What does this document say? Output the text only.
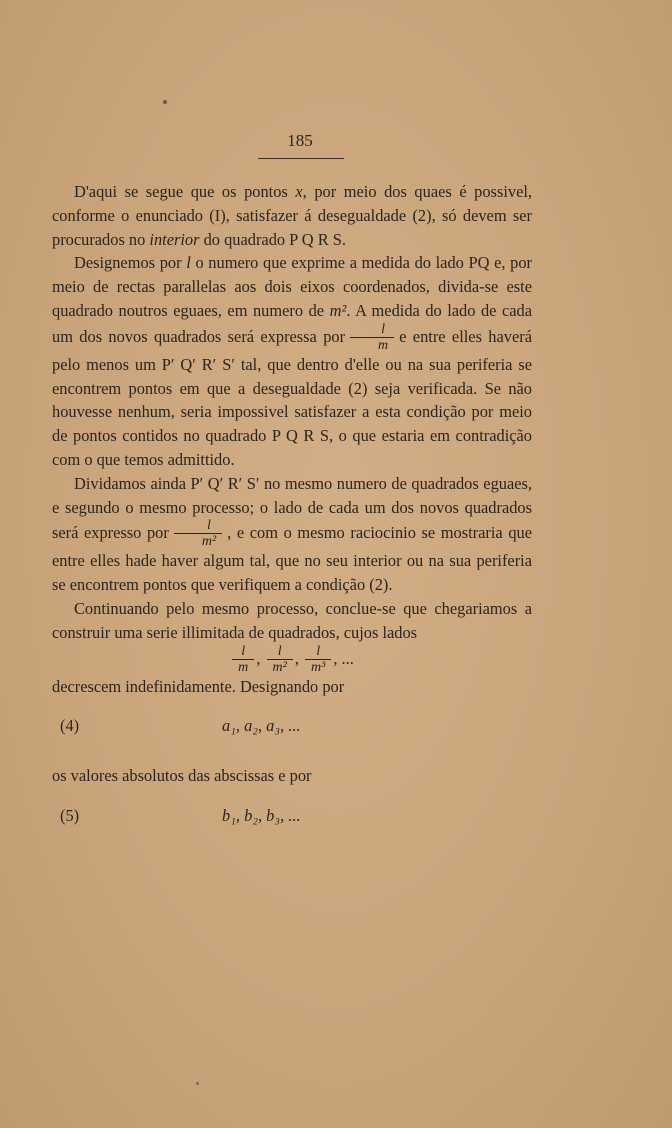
185

D'aqui se segue que os pontos x, por meio dos quaes é possivel, conforme o enunciado (I), satisfazer á desegualdade (2), só devem ser procurados no interior do quadrado P Q R S.

Designemos por l o numero que exprime a medida do lado PQ e, por meio de rectas parallelas aos dois eixos coordenados, divida-se este quadrado noutros eguaes, em numero de m². A medida do lado de cada um dos novos quadrados será expressa por $\frac{l}{m}$ e entre elles haverá pelo menos um P′ Q′ R′ S′ tal, que dentro d'elle ou na sua periferia se encontrem pontos em que a desegualdade (2) seja verificada. Se não houvesse nenhum, seria impossivel satisfazer a esta condição por meio de pontos contidos no quadrado P Q R S, o que estaria em contradição com o que temos admittido.

Dividamos ainda P′ Q′ R′ S′ no mesmo numero de quadrados eguaes, e segundo o mesmo processo; o lado de cada um dos novos quadrados será expresso por $\frac{l}{\text{m²}}$ , e com o mesmo raciocinio se mostraria que entre elles hade haver algum tal, que no seu interior ou na sua periferia se encontrem pontos que verifiquem a condição (2).

Continuando pelo mesmo processo, conclue-se que chegariamos a construir uma serie illimitada de quadrados, cujos lados

$\frac{l}{m}$ , $\frac{l}{\text{m²}}$ , $\frac{l}{\text{m³}}$ , ...

decrescem indefinidamente. Designando por

(4)	a₁, a₂, a₃, ...

os valores absolutos das abscissas e por

(5)	b₁, b₂, b₃, ...
